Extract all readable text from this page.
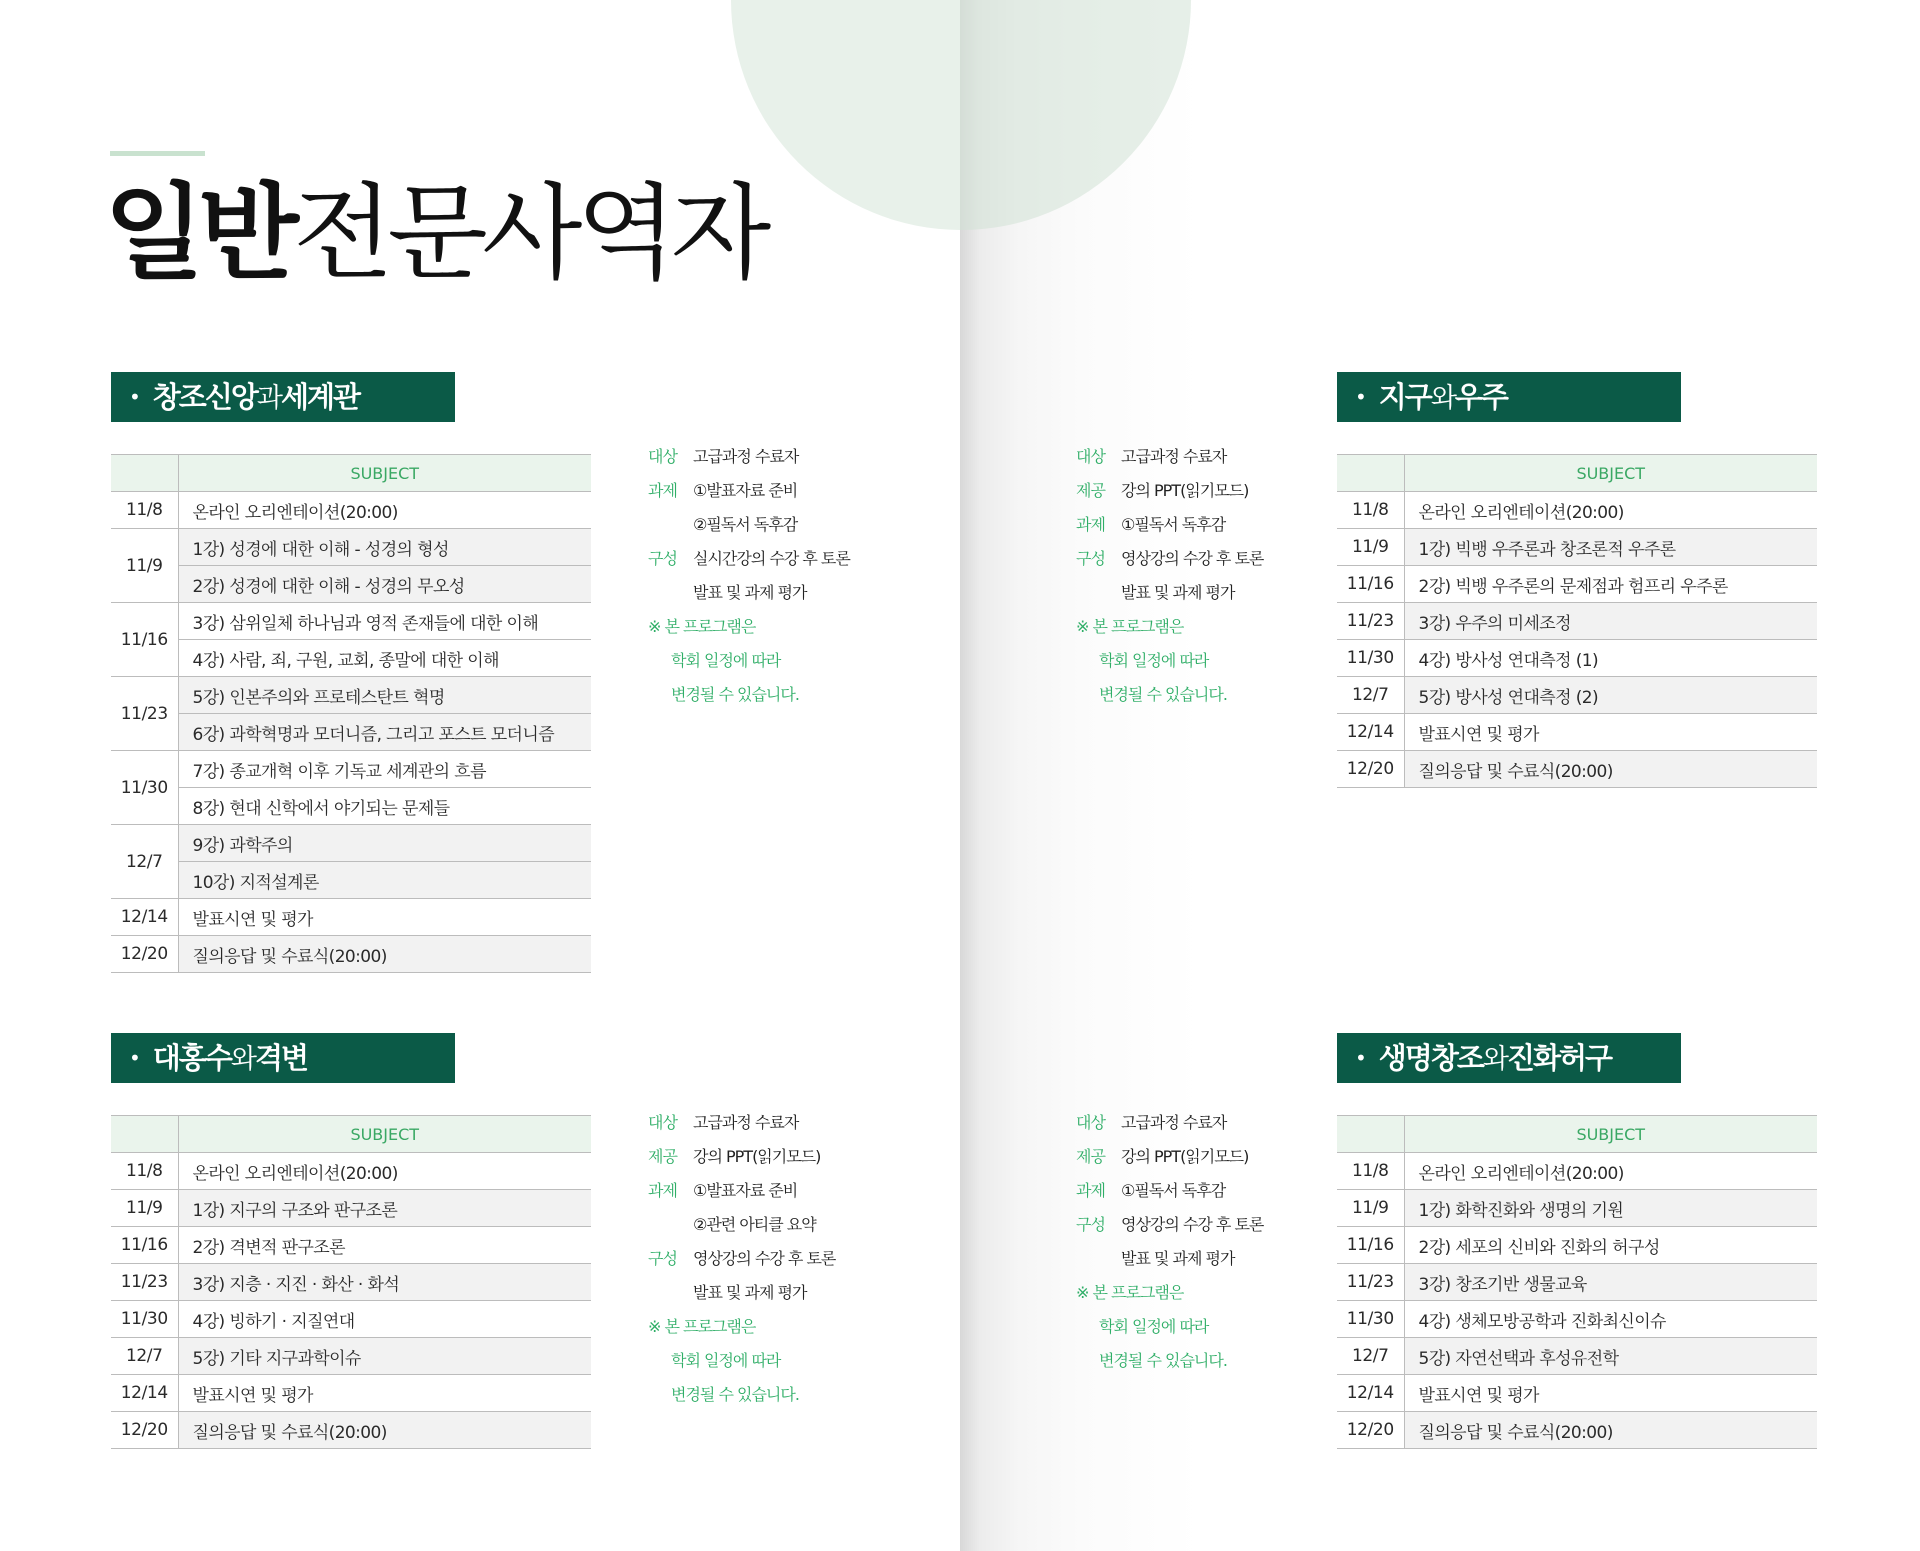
일반전문사역자
• 창조신앙과세계관
	SUBJECT
11/8	온라인 오리엔테이션(20:00)
11/9	1강) 성경에 대한 이해 - 성경의 형성
	2강) 성경에 대한 이해 - 성경의 무오성
11/16	3강) 삼위일체 하나님과 영적 존재들에 대한 이해
	4강) 사람, 죄, 구원, 교회, 종말에 대한 이해
11/23	5강) 인본주의와 프로테스탄트 혁명
	6강) 과학혁명과 모더니즘, 그리고 포스트 모더니즘
11/30	7강) 종교개혁 이후 기독교 세계관의 흐름
	8강) 현대 신학에서 야기되는 문제들
12/7	9강) 과학주의
	10강) 지적설계론
12/14	발표시연 및 평가
12/20	질의응답 및 수료식(20:00)
대상	고급과정 수료자
과제	①발표자료 준비
②필독서 독후감
구성	실시간강의 수강 후 토론
발표 및 과제 평가
※ 본 프로그램은
학회 일정에 따라
변경될 수 있습니다.
• 지구와우주
	SUBJECT
11/8	온라인 오리엔테이션(20:00)
11/9	1강) 빅뱅 우주론과 창조론적 우주론
11/16	2강) 빅뱅 우주론의 문제점과 험프리 우주론
11/23	3강) 우주의 미세조정
11/30	4강) 방사성 연대측정 (1)
12/7	5강) 방사성 연대측정 (2)
12/14	발표시연 및 평가
12/20	질의응답 및 수료식(20:00)
대상	고급과정 수료자
제공	강의 PPT(읽기모드)
과제	①필독서 독후감
구성	영상강의 수강 후 토론
발표 및 과제 평가
※ 본 프로그램은
학회 일정에 따라
변경될 수 있습니다.
• 대홍수와격변
	SUBJECT
11/8	온라인 오리엔테이션(20:00)
11/9	1강) 지구의 구조와 판구조론
11/16	2강) 격변적 판구조론
11/23	3강) 지층 · 지진 · 화산 · 화석
11/30	4강) 빙하기 · 지질연대
12/7	5강) 기타 지구과학이슈
12/14	발표시연 및 평가
12/20	질의응답 및 수료식(20:00)
대상	고급과정 수료자
제공	강의 PPT(읽기모드)
과제	①발표자료 준비
②관련 아티클 요약
구성	영상강의 수강 후 토론
발표 및 과제 평가
※ 본 프로그램은
학회 일정에 따라
변경될 수 있습니다.
• 생명창조와진화허구
	SUBJECT
11/8	온라인 오리엔테이션(20:00)
11/9	1강) 화학진화와 생명의 기원
11/16	2강) 세포의 신비와 진화의 허구성
11/23	3강) 창조기반 생물교육
11/30	4강) 생체모방공학과 진화최신이슈
12/7	5강) 자연선택과 후성유전학
12/14	발표시연 및 평가
12/20	질의응답 및 수료식(20:00)
대상	고급과정 수료자
제공	강의 PPT(읽기모드)
과제	①필독서 독후감
구성	영상강의 수강 후 토론
발표 및 과제 평가
※ 본 프로그램은
학회 일정에 따라
변경될 수 있습니다.
